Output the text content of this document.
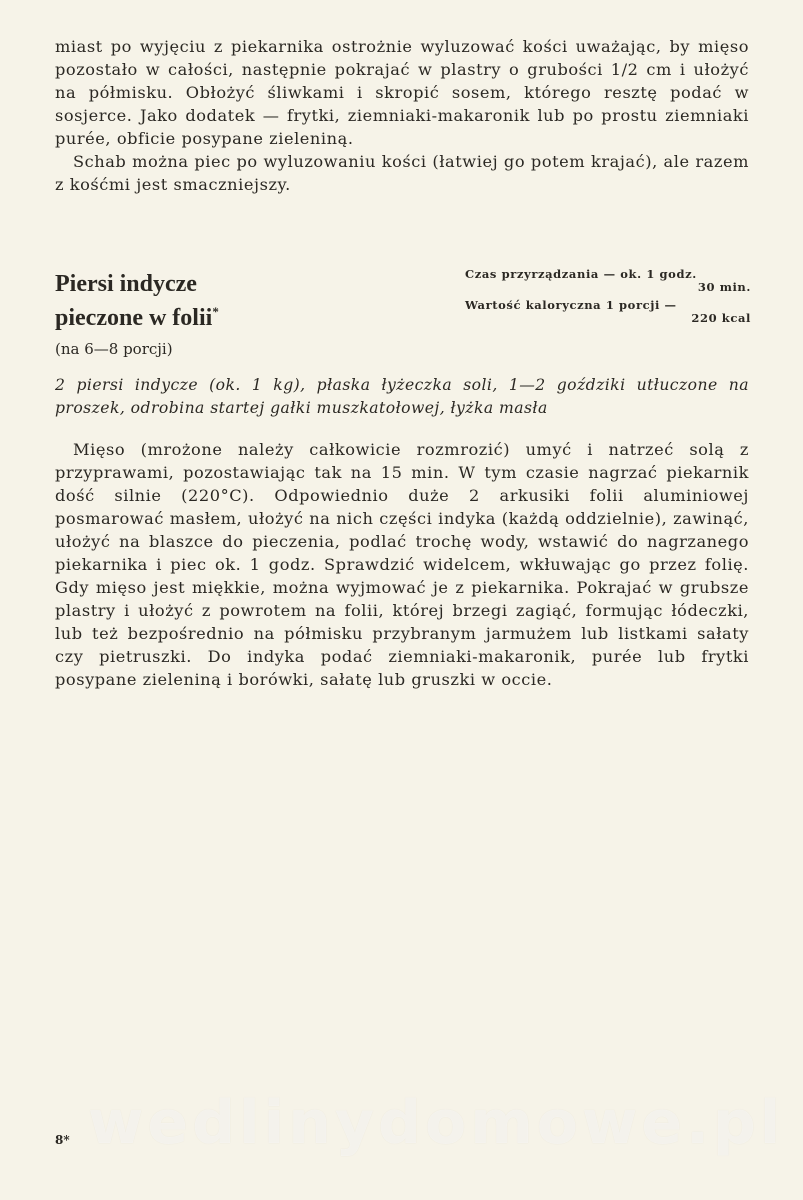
miast po wyjęciu z piekarnika ostrożnie wyluzować kości uważając, by mięso pozostało w całości, następnie pokrajać w plastry o grubości 1/2 cm i ułożyć na półmisku. Obłożyć śliwkami i skropić sosem, którego resztę podać w sosjerce. Jako dodatek — frytki, ziemniaki-makaronik lub po prostu ziemniaki purée, obficie posypane zieleniną.

Schab można piec po wyluzowaniu kości (łatwiej go potem krajać), ale razem z kośćmi jest smaczniejszy.

Piersi indycze
pieczone w folii*
(na 6—8 porcji)
Czas przyrządzania — ok. 1 godz.
30 min.
Wartość kaloryczna 1 porcji —
220 kcal
2 piersi indycze (ok. 1 kg), płaska łyżeczka soli, 1—2 goździki utłuczone na proszek, odrobina startej gałki muszkatołowej, łyżka masła

Mięso (mrożone należy całkowicie rozmrozić) umyć i natrzeć solą z przyprawami, pozostawiając tak na 15 min. W tym czasie nagrzać piekarnik dość silnie (220°C). Odpowiednio duże 2 arkusiki folii aluminiowej posmarować masłem, ułożyć na nich części indyka (każdą oddzielnie), zawinąć, ułożyć na blaszce do pieczenia, podlać trochę wody, wstawić do nagrzanego piekarnika i piec ok. 1 godz. Sprawdzić widelcem, wkłuwając go przez folię. Gdy mięso jest miękkie, można wyjmować je z piekarnika. Pokrajać w grubsze plastry i ułożyć z powrotem na folii, której brzegi zagiąć, formując łódeczki, lub też bezpośrednio na półmisku przybranym jarmużem lub listkami sałaty czy pietruszki. Do indyka podać ziemniaki-makaronik, purée lub frytki posypane zieleniną i borówki, sałatę lub gruszki w occie.

wedlinydomowe.pl
8*
